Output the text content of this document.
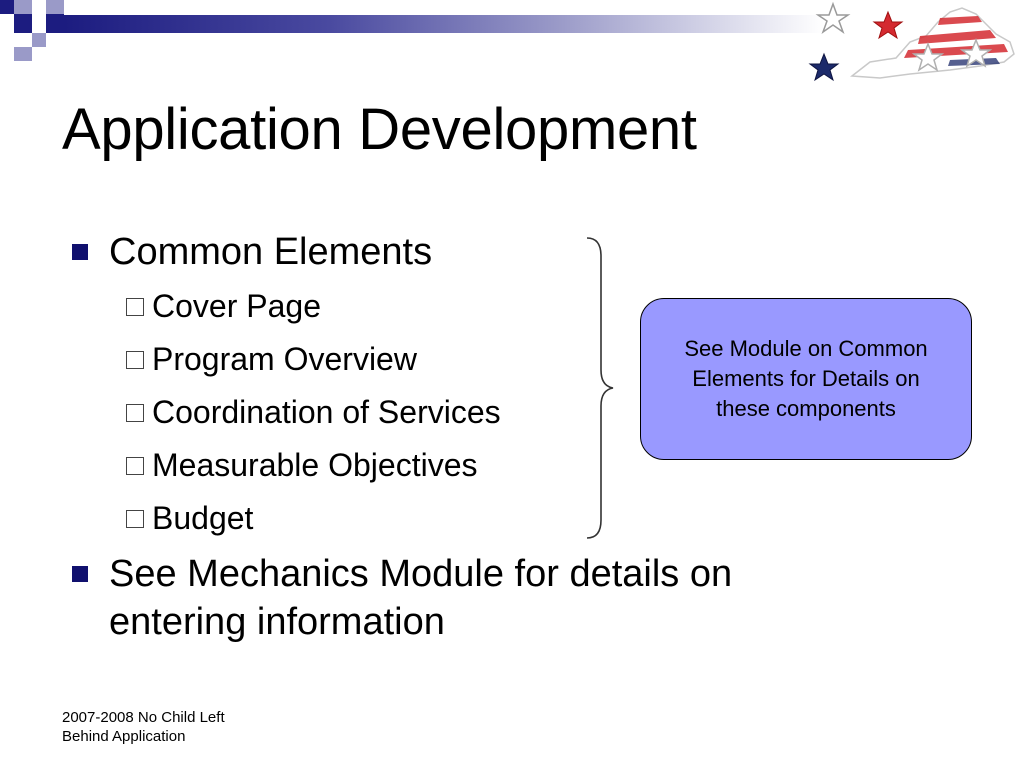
Application Development
Common Elements
Cover Page
Program Overview
Coordination of Services
Measurable Objectives
Budget
See Mechanics Module for details on
entering information
See Module on Common Elements for Details on these components
2007-2008 No Child Left
Behind Application
